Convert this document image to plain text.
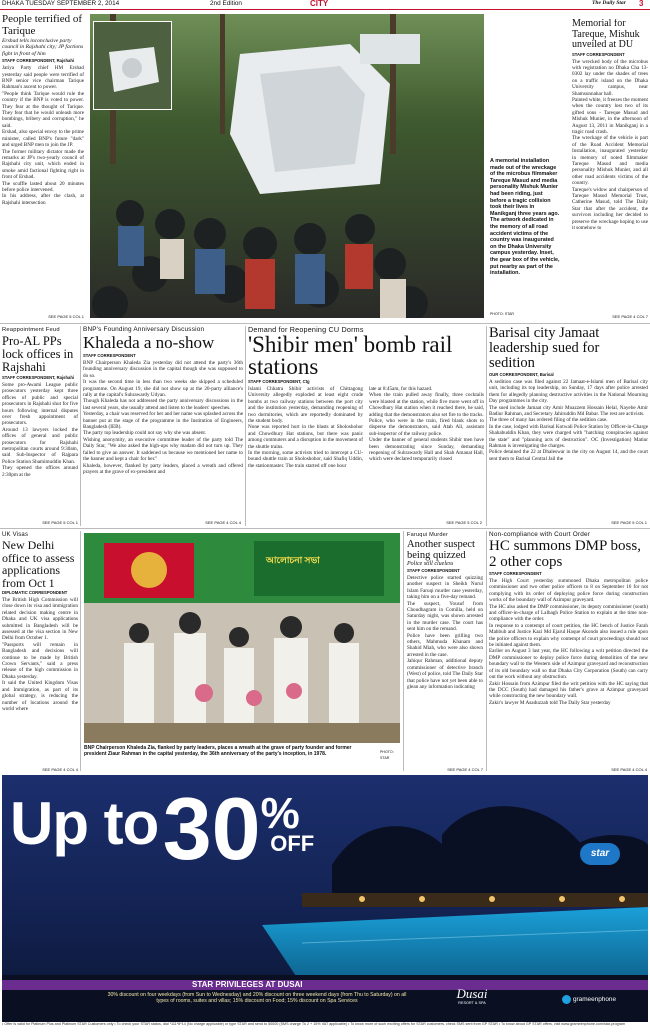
DHAKA TUESDAY SEPTEMBER 2, 2014	2nd Edition	CITY	The Daily Star 3
People terrified of Tarique
Ershad tells inconclusive party council in Rajshahi city; JP factions fight in front of him
STAFF CORRESPONDENT, Rajshahi
Jatiya Party chief HM Ershad yesterday said people were terrified of BNP senior vice chairman Tarique Rahman's ascent to power.
"People think Tarique would rule the country if the BNP is voted to power. They fear at the thought of Tarique. They fear that he would unleash more bombings, bribery and corruption," he said.
Ershad, also special envoy to the prime minister, called BNP's future "dark" and urged BNP men to join the JP.
The former military dictator made the remarks at JP's two-yearly council of Rajshahi city unit, which ended in smoke amid factional fighting right in front of Ershad.
The scuffle lasted about 20 minutes before police intervened.
In his address, after the clash, at Rajshahi intersection
SEE PAGE 5 COL 1
A memorial installation made out of the wreckage of the microbus filmmaker Tareque Masud and media personality Mishuk Munier had been riding, just before a tragic collision took their lives in Manikganj three years ago. The artwork dedicated in the memory of all road accident victims of the country was inaugurated on the Dhaka University campus yesterday. Inset, the gear box of the vehicle, put nearby as part of the installation.
PHOTO: STAR
Memorial for Tareque, Mishuk unveiled at DU
STAFF CORRESPONDENT
The wrecked body of the microbus with registration no Dhaka Cha 13-0302 lay under the shades of trees on a traffic island on the Dhaka University campus, near Shamsunnahar hall.
Painted white, it freezes the moment when the country lost two of its gifted sons - Tareque Masud and Mishuk Munier, in the afternoon of August 13, 2011 in Manikganj in a tragic road crash.
The wreckage of the vehicle is part of the Road Accident Memorial Installation, inaugurated yesterday in memory of noted filmmaker Tareque Masud and media personality Mishuk Munier, and all other road accidents victims of the country.
Tareque's widow and chairperson of Tareque Masud Memorial Trust, Catherine Masud, told The Daily Star that after the accident, the survivors including her decided to preserve the wreckage hoping to use it somehow to
SEE PAGE 4 COL 7
Reappointment Feud
Pro-AL PPs lock offices in Rajshahi
STAFF CORRESPONDENT, Rajshahi
Some pro-Awami League public prosecutors yesterday kept three offices of public and special prosecutors in Rajshahi shut for five hours following internal disputes over fresh appointment of prosecutors.
Around 13 lawyers locked the offices of general and public prosecutors for Rajshahi metropolitan courts around 9:30am, said Sub-Inspector of Rajpara Police Station Shamimuddin Khan.
They opened the offices around 2:30pm at the
SEE PAGE 5 COL 1
BNP's Founding Anniversary Discussion
Khaleda a no-show
STAFF CORRESPONDENT
BNP Chairperson Khaleda Zia yesterday did not attend the party's 36th founding anniversary discussion in the capital though she was supposed to do so.
It was the second time in less than two weeks she skipped a scheduled programme. On August 19, she did not show up at the 20-party alliance's rally at the capital's Suhrawardy Udyan.
Though Khaleda has not addressed the party anniversary discussions in the last several years, she usually attend and listen to the leaders' speeches.
Yesterday, a chair was reserved for her and her name was splashed across the banner put at the stage of the programme in the Institution of Engineers, Bangladesh (IEB).
The party top leadership could not say why she was absent.
Wishing anonymity, an executive committee leader of the party told The Daily Star, "We also asked the high-ups why madam did not turn up. They failed to give an answer. It saddened us because we mentioned her name to the banner and kept a chair for her."
Khaleda, however, flanked by party leaders, placed a wreath and offered prayers at the grave of ex-president and
SEE PAGE 4 COL 4
Demand for Reopening CU Dorms
'Shibir men' bomb rail stations
STAFF CORRESPONDENT, Ctg
Islami Chhatra Shibir activists of Chittagong University allegedly exploded at least eight crude bombs at two railway stations between the port city and the institution yesterday, demanding reopening of two dormitories, which are reportedly dominated by the student body.
None was reported hurt in the blasts at Sholoshohor and Chowdhury Hat stations, but there was panic among commuters and a disruption in the movement of the shuttle trains.
In the morning, some activists tried to intercept a CU-bound shuttle train at Sholoshohor, said Shafiq Uddin, the stationmaster. The train started off one hour
late at 8:45am, for this hazard.
When the train pulled away finally, three cocktails were blasted at the station, while five more went off in Chowdhury Hat station when it reached there, he said, adding that the demonstrators also set fire to the tracks.
Police, who were in the train, fired blank shots to disperse the demonstrators, said Atab Ali, assistant sub-inspector of the railway police.
Under the banner of general students Shibir men have been demonstrating since Sunday, demanding reopening of Suhrawardy Hall and Shah Amanat Hall, which were declared temporarily closed
SEE PAGE 5 COL 2
Barisal city Jamaat leadership sued for sedition
OUR CORRESPONDENT, Barisal
A sedition case was filed against 22 Jamaat-e-Islami men of Barisal city unit, including its top leadership, on Sunday, 17 days after police arrested them for allegedly planning destructive activities in the National Mourning Day programmes in the city.
The sued include Jamaat city Amir Moazzem Hossain Helal, Nayebe Amir Badiur Rahman, and Secretary Jahiruddin Md Babar. The rest are activists.
The three of many has ordered filing of the sedition case.
In the case, lodged with Barisal Kotwali Police Station by Officer-in-Charge Shahabuddin Khan, they were charged with "hatching conspiracies against the state" and "planning acts of destruction". OC (Investigation) Matiur Rahman is investigating the charges.
Police detained the 22 at Dhaleswar in the city on August 14, and the court sent them to Barisal Central Jail the
SEE PAGE 5 COL 1
UK Visas
New Delhi office to assess applications from Oct 1
DIPLOMATIC CORRESPONDENT
The British High Commission will close down its visa and immigration related decision making centre in Dhaka and UK visa applications submitted in Bangladesh will be assessed at the visa section in New Delhi from October 1.
"Passports will remain in Bangladesh and decisions will continue to be made by British Crown Servants," said a press release of the high commission in Dhaka yesterday.
It said the United Kingdom Visas and Immigration, as part of its global strategy, is reducing the number of locations around the world where
SEE PAGE 4 COL 4
আলোচনা সভা
BNP Chairperson Khaleda Zia, flanked by party leaders, places a wreath at the grave of party founder and former president Ziaur Rahman in the capital yesterday, the 36th anniversary of the party's inception, in 1978.	PHOTO: STAR
Faruqui Murder
Another suspect being quizzed
Police still clueless
STAFF CORRESPONDENT
Detective police started quizzing another suspect in Sheikh Nurul Islam Faruqi murder case yesterday, taking him on a five-day remand.
The suspect, Yousuf from Choudhagram in Comilla, held on Saturday night, was shown arrested in the murder case. The court has sent him on the remand.
Police have been grilling two others, Mahmuda Khanam and Shahid Miah, who were also shown arrested in the case.
Jahiqur Rahman, additional deputy commissioner of detective branch (West) of police, told The Daily Star that police have not yet been able to glean any information indicating
SEE PAGE 4 COL 7
Non-compliance with Court Order
HC summons DMP boss, 2 other cops
STAFF CORRESPONDENT
The High Court yesterday summoned Dhaka metropolitan police commissioner and two other police officers to 8 on September 16 for not complying with its order of deploying police force during construction works of the boundary wall of Azimpur graveyard.
The HC also asked the DMP commissioner, its deputy commissioner (south) and officer-in-charge of Lalbagh Police Station to explain at the time non-compliance with the order.
In response to a contempt of court petition, the HC bench of Justice Farah Mahbub and Justice Kazi Md Ejarul Haque Akondo also issued a rule upon the police officers to explain why contempt of court proceedings should not be initiated against them.
Earlier on August 3 last year, the HC following a writ petition directed the DMP commissioner to deploy police force during demolition of the new boundary wall to the Western side of Azimpur graveyard and reconstruction of its old boundary wall so that Dhaka City Corporation (South) can carry out the work without any obstruction.
Zakir Hossain from Azimpur filed the writ petition with the HC saying that the DCC (South) had damaged his father's grave at Azimpur graveyard while constructing the new boundary wall.
Zakir's lawyer M Asaduzzah told The Daily Star yesterday
SEE PAGE 4 COL 4
Up to 30% OFF	star
STAR PRIVILEGES AT DUSAI
30% discount on four weekdays (from Sun to Wednesday) and 20% discount on three weekend days (from Thu to Saturday) on all types of rooms, suites and villas; 15% discount on Food; 15% discount on Spa Services
Dusai
RESORT & SPA	grameenphone
• Offer is valid for Platinum Plus and Platinum STAR Customers only • To check your STAR status, dial *111*8*14 (No charge applicable) or type STAR and send to 50000 (SMS charge Tk 2 + 15% VAT applicable) • To know more of such exciting offers for STAR customers, check SMS sent from GP STAR • To know about GP STAR offers, visit www.grameenphone.com/star-program
